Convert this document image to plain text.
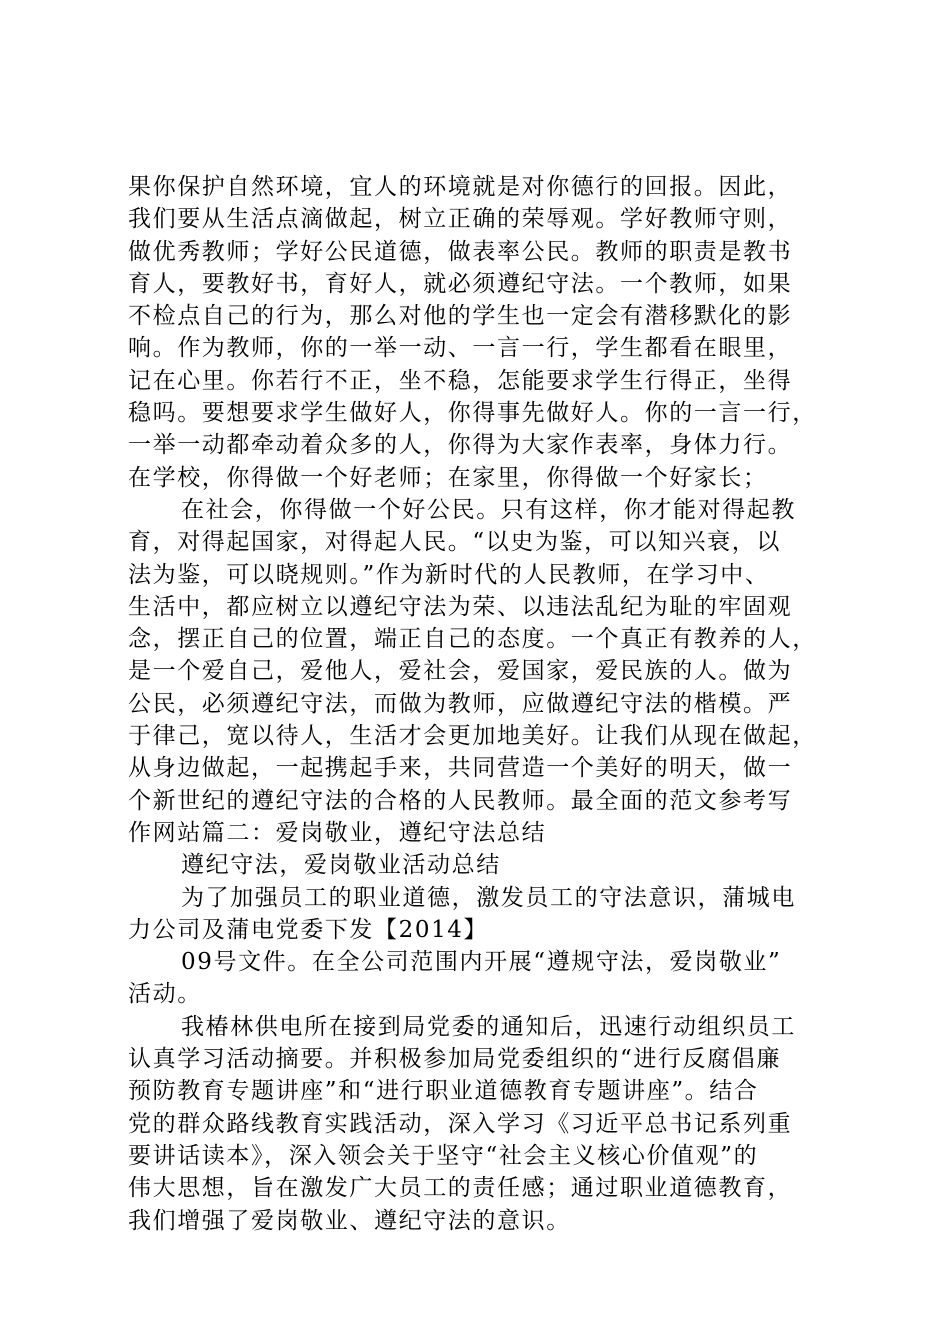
果你保护自然环境，宜人的环境就是对你德行的回报。因此，
我们要从生活点滴做起，树立正确的荣辱观。学好教师守则，
做优秀教师；学好公民道德，做表率公民。教师的职责是教书
育人，要教好书，育好人，就必须遵纪守法。一个教师，如果
不检点自己的行为，那么对他的学生也一定会有潜移默化的影
响。作为教师，你的一举一动、一言一行，学生都看在眼里，
记在心里。你若行不正，坐不稳，怎能要求学生行得正，坐得
稳吗。要想要求学生做好人，你得事先做好人。你的一言一行，
一举一动都牵动着众多的人，你得为大家作表率，身体力行。
在学校，你得做一个好老师；在家里，你得做一个好家长；
在社会，你得做一个好公民。只有这样，你才能对得起教
育，对得起国家，对得起人民。“以史为鉴，可以知兴衰，以
法为鉴，可以晓规则。”作为新时代的人民教师，在学习中、
生活中，都应树立以遵纪守法为荣、以违法乱纪为耻的牢固观
念，摆正自己的位置，端正自己的态度。一个真正有教养的人，
是一个爱自己，爱他人，爱社会，爱国家，爱民族的人。做为
公民，必须遵纪守法，而做为教师，应做遵纪守法的楷模。严
于律己，宽以待人，生活才会更加地美好。让我们从现在做起，
从身边做起，一起携起手来，共同营造一个美好的明天，做一
个新世纪的遵纪守法的合格的人民教师。最全面的范文参考写
作网站篇二：爱岗敬业，遵纪守法总结
遵纪守法，爱岗敬业活动总结
为了加强员工的职业道德，激发员工的守法意识，蒲城电
力公司及蒲电党委下发【2014】
09号文件。在全公司范围内开展“遵规守法，爱岗敬业”
活动。
我椿林供电所在接到局党委的通知后，迅速行动组织员工
认真学习活动摘要。并积极参加局党委组织的“进行反腐倡廉
预防教育专题讲座”和“进行职业道德教育专题讲座”。结合
党的群众路线教育实践活动，深入学习《习近平总书记系列重
要讲话读本》，深入领会关于坚守“社会主义核心价值观”的
伟大思想，旨在激发广大员工的责任感；通过职业道德教育，
我们增强了爱岗敬业、遵纪守法的意识。
